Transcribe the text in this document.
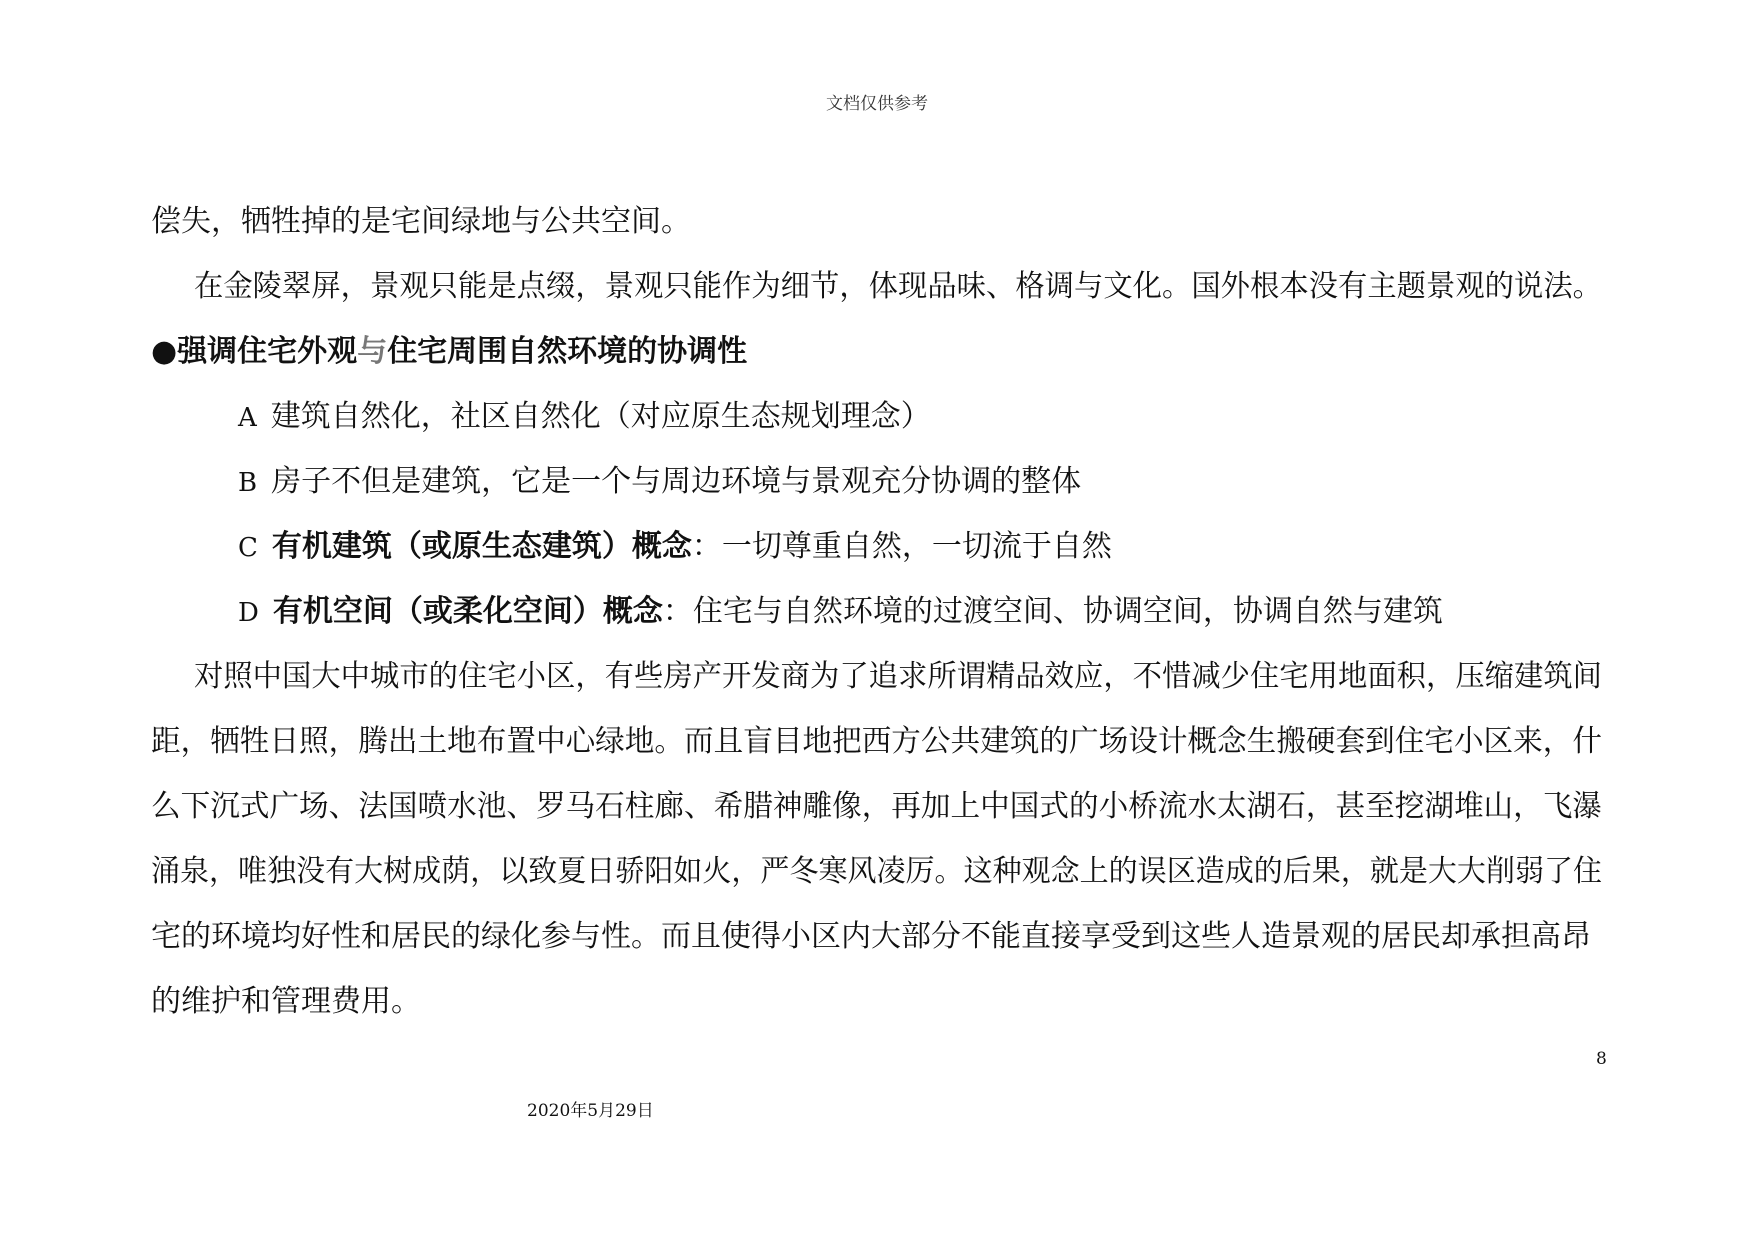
文档仅供参考
偿失，牺牲掉的是宅间绿地与公共空间。
在金陵翠屏，景观只能是点缀，景观只能作为细节，体现品味、格调与文化。国外根本没有主题景观的说法。
●强调住宅外观与住宅周围自然环境的协调性
A 建筑自然化，社区自然化（对应原生态规划理念）
B 房子不但是建筑，它是一个与周边环境与景观充分协调的整体
C 有机建筑（或原生态建筑）概念：一切尊重自然，一切流于自然
D 有机空间（或柔化空间）概念：住宅与自然环境的过渡空间、协调空间，协调自然与建筑
对照中国大中城市的住宅小区，有些房产开发商为了追求所谓精品效应，不惜减少住宅用地面积，压缩建筑间
距，牺牲日照，腾出土地布置中心绿地。而且盲目地把西方公共建筑的广场设计概念生搬硬套到住宅小区来，什
么下沉式广场、法国喷水池、罗马石柱廊、希腊神雕像，再加上中国式的小桥流水太湖石，甚至挖湖堆山，飞瀑
涌泉，唯独没有大树成荫，以致夏日骄阳如火，严冬寒风凌厉。这种观念上的误区造成的后果，就是大大削弱了住
宅的环境均好性和居民的绿化参与性。而且使得小区内大部分不能直接享受到这些人造景观的居民却承担高昂
的维护和管理费用。
8
2020年5月29日
